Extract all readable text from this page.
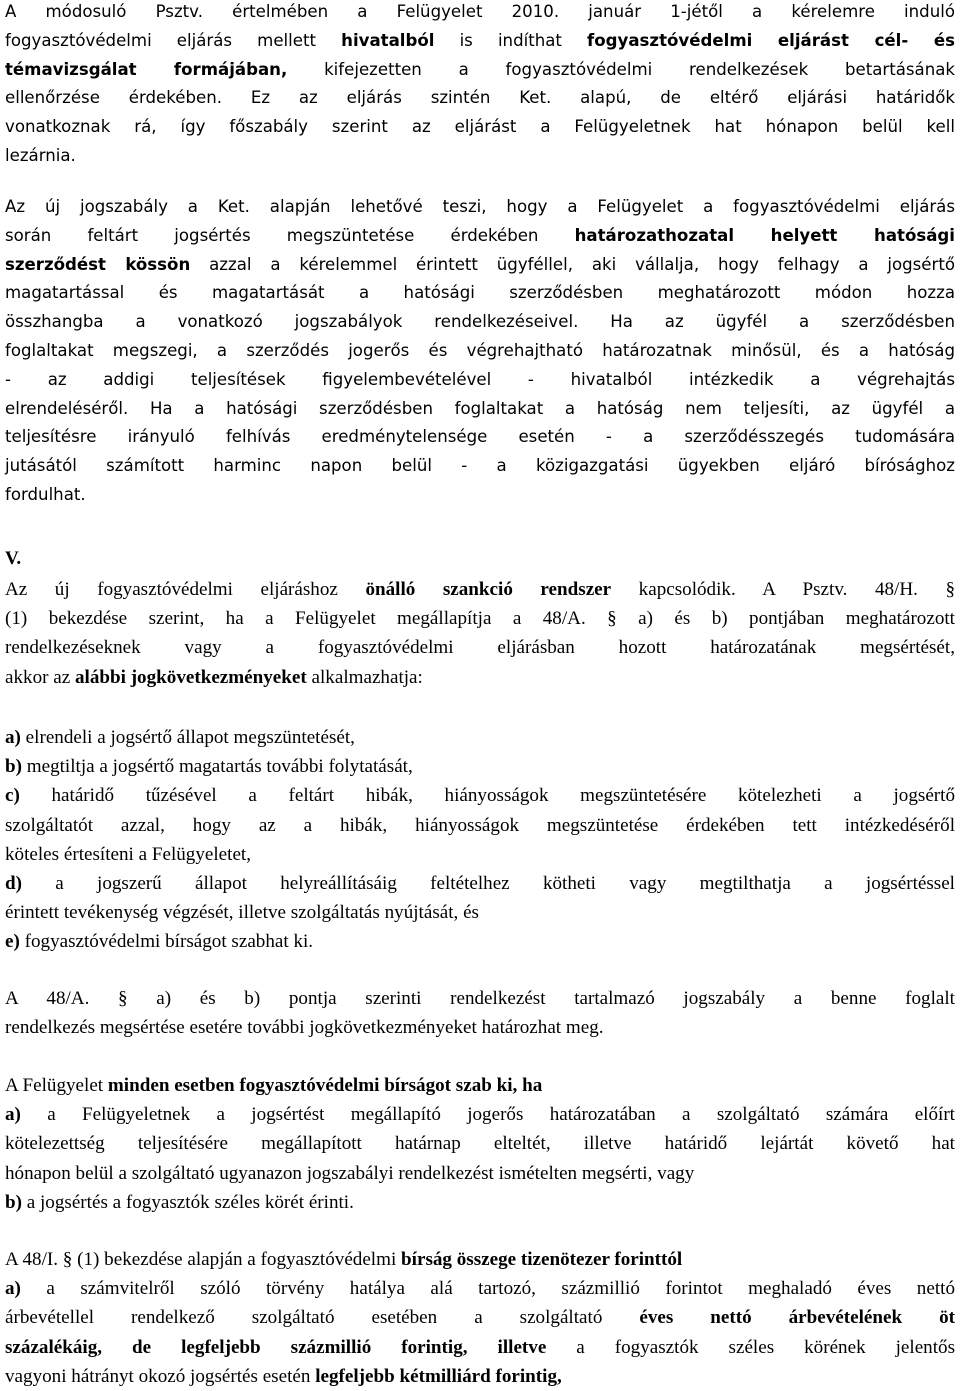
A módosuló Psztv. értelmében a Felügyelet 2010. január 1-jétől a kérelemre induló
fogyasztóvédelmi eljárás mellett hivatalból is indíthat fogyasztóvédelmi eljárást cél- és
témavizsgálat formájában, kifejezetten a fogyasztóvédelmi rendelkezések betartásának
ellenőrzése érdekében. Ez az eljárás szintén Ket. alapú, de eltérő eljárási határidők
vonatkoznak rá, így főszabály szerint az eljárást a Felügyeletnek hat hónapon belül kell
lezárnia.
Az új jogszabály a Ket. alapján lehetővé teszi, hogy a Felügyelet a fogyasztóvédelmi eljárás
során feltárt jogsértés megszüntetése érdekében határozathozatal helyett hatósági
szerződést kössön azzal a kérelemmel érintett ügyféllel, aki vállalja, hogy felhagy a jogsértő
magatartással és magatartását a hatósági szerződésben meghatározott módon hozza
összhangba a vonatkozó jogszabályok rendelkezéseivel. Ha az ügyfél a szerződésben
foglaltakat megszegi, a szerződés jogerős és végrehajtható határozatnak minősül, és a hatóság
- az addigi teljesítések figyelembevételével - hivatalból intézkedik a végrehajtás
elrendeléséről. Ha a hatósági szerződésben foglaltakat a hatóság nem teljesíti, az ügyfél a
teljesítésre irányuló felhívás eredménytelensége esetén - a szerződésszegés tudomására
jutásától számított harminc napon belül - a közigazgatási ügyekben eljáró bírósághoz
fordulhat.
V.
Az új fogyasztóvédelmi eljáráshoz önálló szankció rendszer kapcsolódik. A Psztv. 48/H. §
(1) bekezdése szerint, ha a Felügyelet megállapítja a 48/A. § a) és b) pontjában meghatározott
rendelkezéseknek vagy a fogyasztóvédelmi eljárásban hozott határozatának megsértését,
akkor az alábbi jogkövetkezményeket alkalmazhatja:
a) elrendeli a jogsértő állapot megszüntetését,
b) megtiltja a jogsértő magatartás további folytatását,
c) határidő tűzésével a feltárt hibák, hiányosságok megszüntetésére kötelezheti a jogsértő
szolgáltatót azzal, hogy az a hibák, hiányosságok megszüntetése érdekében tett intézkedéséről
köteles értesíteni a Felügyeletet,
d) a jogszerű állapot helyreállításáig feltételhez kötheti vagy megtilthatja a jogsértéssel
érintett tevékenység végzését, illetve szolgáltatás nyújtását, és
e) fogyasztóvédelmi bírságot szabhat ki.
A 48/A. § a) és b) pontja szerinti rendelkezést tartalmazó jogszabály a benne foglalt
rendelkezés megsértése esetére további jogkövetkezményeket határozhat meg.
A Felügyelet minden esetben fogyasztóvédelmi bírságot szab ki, ha
a) a Felügyeletnek a jogsértést megállapító jogerős határozatában a szolgáltató számára előírt
kötelezettség teljesítésére megállapított határnap elteltét, illetve határidő lejártát követő hat
hónapon belül a szolgáltató ugyanazon jogszabályi rendelkezést ismételten megsérti, vagy
b) a jogsértés a fogyasztók széles körét érinti.
A 48/I. § (1) bekezdése alapján a fogyasztóvédelmi bírság összege tizenötezer forinttól
a) a számvitelről szóló törvény hatálya alá tartozó, százmillió forintot meghaladó éves nettó
árbevétellel rendelkező szolgáltató esetében a szolgáltató éves nettó árbevételének öt
százalékáig, de legfeljebb százmillió forintig, illetve a fogyasztók széles körének jelentős
vagyoni hátrányt okozó jogsértés esetén legfeljebb kétmilliárd forintig,
